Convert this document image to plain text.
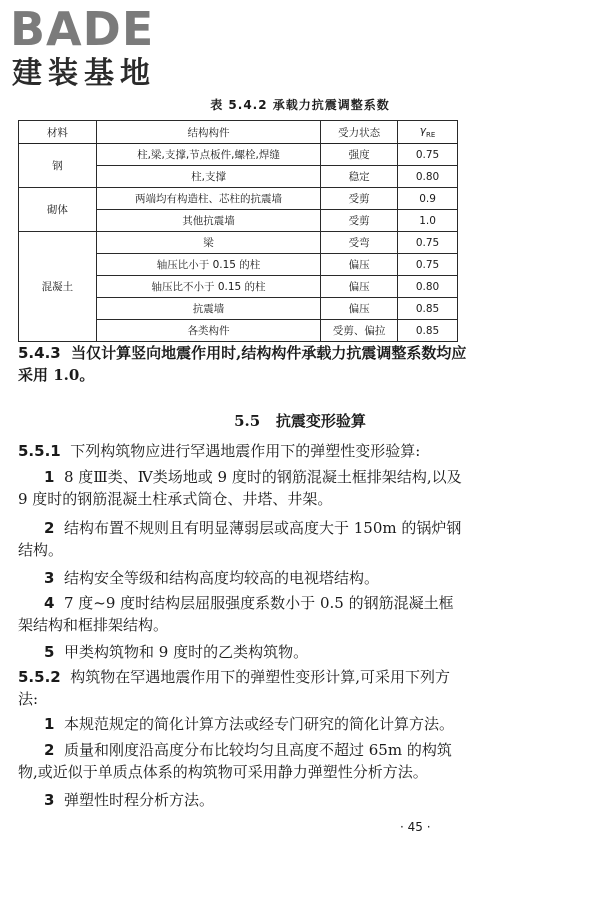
BADE
建装基地
表 5.4.2 承载力抗震调整系数
材料	结构构件	受力状态	$\gamma_{RE}$
钢	柱,梁,支撑,节点板件,螺栓,焊缝	强度	0.75
	柱,支撑	稳定	0.80
砌体	两端均有构造柱、芯柱的抗震墙	受剪	0.9
	其他抗震墙	受剪	1.0
混凝土	梁	受弯	0.75
	轴压比小于 0.15 的柱	偏压	0.75
	轴压比不小于 0.15 的柱	偏压	0.80
	抗震墙	偏压	0.85
	各类构件	受剪、偏拉	0.85

5.4.3 当仅计算竖向地震作用时,结构构件承载力抗震调整系数均应采用 1.0。

5.5 抗震变形验算

5.5.1 下列构筑物应进行罕遇地震作用下的弹塑性变形验算:

1 8 度Ⅲ类、Ⅳ类场地或 9 度时的钢筋混凝土框排架结构,以及 9 度时的钢筋混凝土柱承式筒仓、井塔、井架。

2 结构布置不规则且有明显薄弱层或高度大于 150m 的锅炉钢结构。

3 结构安全等级和结构高度均较高的电视塔结构。

4 7 度~9 度时结构层屈服强度系数小于 0.5 的钢筋混凝土框架结构和框排架结构。

5 甲类构筑物和 9 度时的乙类构筑物。

5.5.2 构筑物在罕遇地震作用下的弹塑性变形计算,可采用下列方法:

1 本规范规定的简化计算方法或经专门研究的简化计算方法。

2 质量和刚度沿高度分布比较均匀且高度不超过 65m 的构筑物,或近似于单质点体系的构筑物可采用静力弹塑性分析方法。

3 弹塑性时程分析方法。

· 45 ·
